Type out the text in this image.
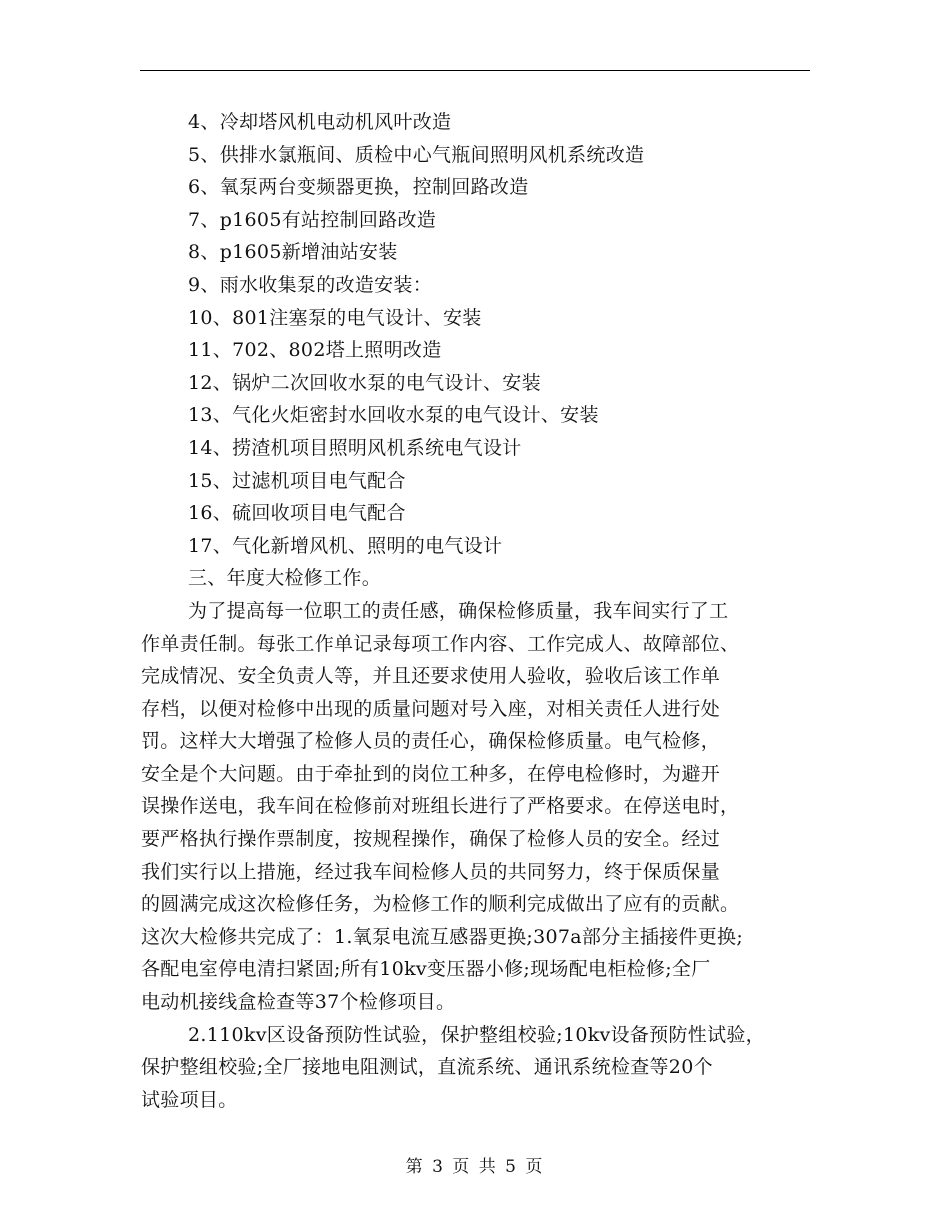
4、冷却塔风机电动机风叶改造
5、供排水氯瓶间、质检中心气瓶间照明风机系统改造
6、氧泵两台变频器更换，控制回路改造
7、p1605有站控制回路改造
8、p1605新增油站安装
9、雨水收集泵的改造安装：
10、801注塞泵的电气设计、安装
11、702、802塔上照明改造
12、锅炉二次回收水泵的电气设计、安装
13、气化火炬密封水回收水泵的电气设计、安装
14、捞渣机项目照明风机系统电气设计
15、过滤机项目电气配合
16、硫回收项目电气配合
17、气化新增风机、照明的电气设计
三、年度大检修工作。
为了提高每一位职工的责任感，确保检修质量，我车间实行了工
作单责任制。每张工作单记录每项工作内容、工作完成人、故障部位、
完成情况、安全负责人等，并且还要求使用人验收，验收后该工作单
存档，以便对检修中出现的质量问题对号入座，对相关责任人进行处
罚。这样大大增强了检修人员的责任心，确保检修质量。电气检修，
安全是个大问题。由于牵扯到的岗位工种多，在停电检修时，为避开
误操作送电，我车间在检修前对班组长进行了严格要求。在停送电时，
要严格执行操作票制度，按规程操作，确保了检修人员的安全。经过
我们实行以上措施，经过我车间检修人员的共同努力，终于保质保量
的圆满完成这次检修任务，为检修工作的顺利完成做出了应有的贡献。
这次大检修共完成了：1.氧泵电流互感器更换;307a部分主插接件更换;
各配电室停电清扫紧固;所有10kv变压器小修;现场配电柜检修;全厂
电动机接线盒检查等37个检修项目。
2.110kv区设备预防性试验，保护整组校验;10kv设备预防性试验，
保护整组校验;全厂接地电阻测试，直流系统、通讯系统检查等20个
试验项目。
第 3 页 共 5 页
